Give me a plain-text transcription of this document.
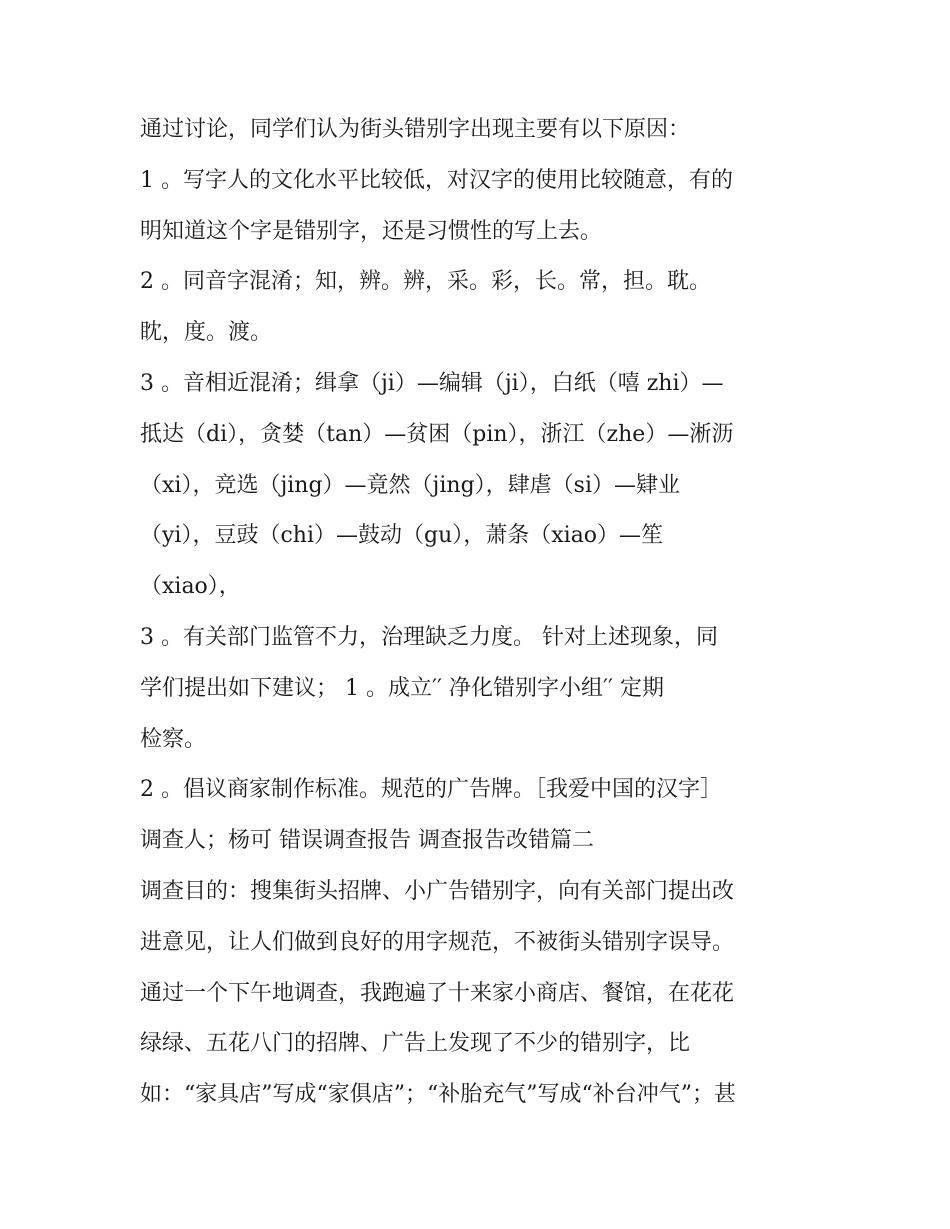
通过讨论，同学们认为街头错别字出现主要有以下原因：
1 。写字人的文化水平比较低，对汉字的使用比较随意，有的
明知道这个字是错别字，还是习惯性的写上去。
2 。同音字混淆；知，辨。辨，采。彩，长。常，担。耽。
眈，度。渡。
3 。音相近混淆；缉拿（ji）—编辑（ji），白纸（嘻 zhi）—
抵达（di），贪婪（tan）—贫困（pin），浙江（zhe）—淅沥
（xi），竞选（jing）—竟然（jing），肆虐（si）—肄业
（yi），豆豉（chi）—鼓动（gu），萧条（xiao）—笙
（xiao），
3 。有关部门监管不力，治理缺乏力度。 针对上述现象，同
学们提出如下建议； 1 。成立′′ 净化错别字小组′′ 定期
检察。
2 。倡议商家制作标准。规范的广告牌。［我爱中国的汉字］
调查人；杨可 错误调查报告 调查报告改错篇二
调查目的：搜集街头招牌、小广告错别字，向有关部门提出改
进意见，让人们做到良好的用字规范，不被街头错别字误导。
通过一个下午地调查，我跑遍了十来家小商店、餐馆，在花花
绿绿、五花八门的招牌、广告上发现了不少的错别字，比
如：“家具店”写成“家俱店”；“补胎充气”写成“补台冲气”；甚
